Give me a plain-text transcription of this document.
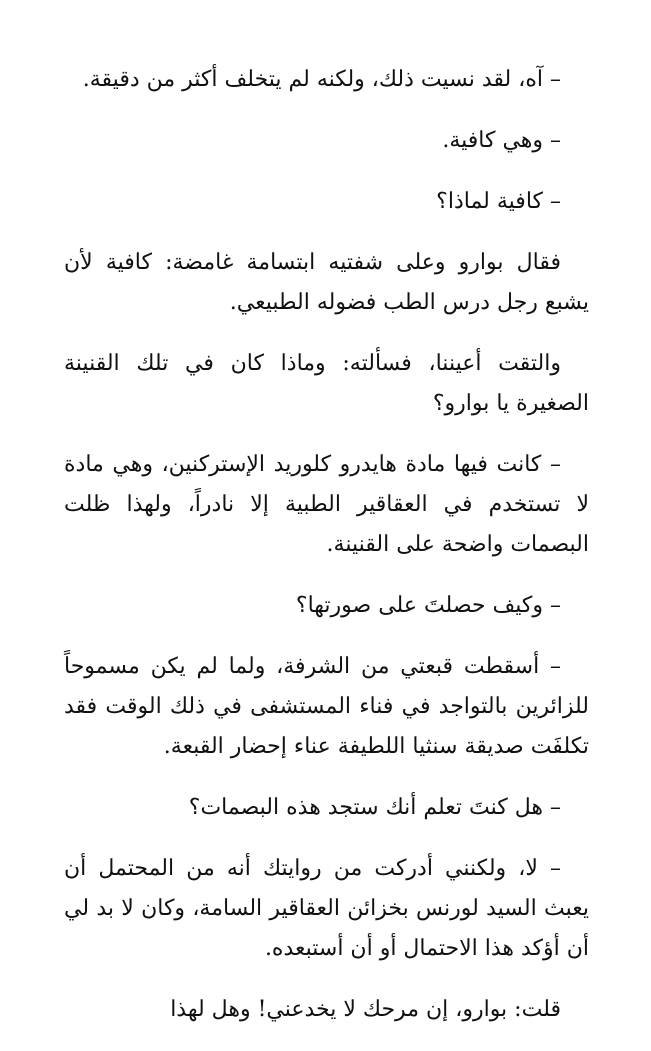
– آه، لقد نسيت ذلك، ولكنه لم يتخلف أكثر من دقيقة.

– وهي كافية.

– كافية لماذا؟

فقال بوارو وعلى شفتيه ابتسامة غامضة: كافية لأن يشبع رجل درس الطب فضوله الطبيعي.

والتقت أعيننا، فسألته: وماذا كان في تلك القنينة الصغيرة يا بوارو؟

– كانت فيها مادة هايدرو كلوريد الإستركنين، وهي مادة لا تستخدم في العقاقير الطبية إلا نادراً، ولهذا ظلت البصمات واضحة على القنينة.

– وكيف حصلتَ على صورتها؟

– أسقطت قبعتي من الشرفة، ولما لم يكن مسموحاً للزائرين بالتواجد في فناء المستشفى في ذلك الوقت فقد تكلفَت صديقة سنثيا اللطيفة عناء إحضار القبعة.

– هل كنتَ تعلم أنك ستجد هذه البصمات؟

– لا، ولكنني أدركت من روايتك أنه من المحتمل أن يعبث السيد لورنس بخزائن العقاقير السامة، وكان لا بد لي أن أؤكد هذا الاحتمال أو أن أستبعده.

قلت: بوارو، إن مرحك لا يخدعني! وهل لهذا
